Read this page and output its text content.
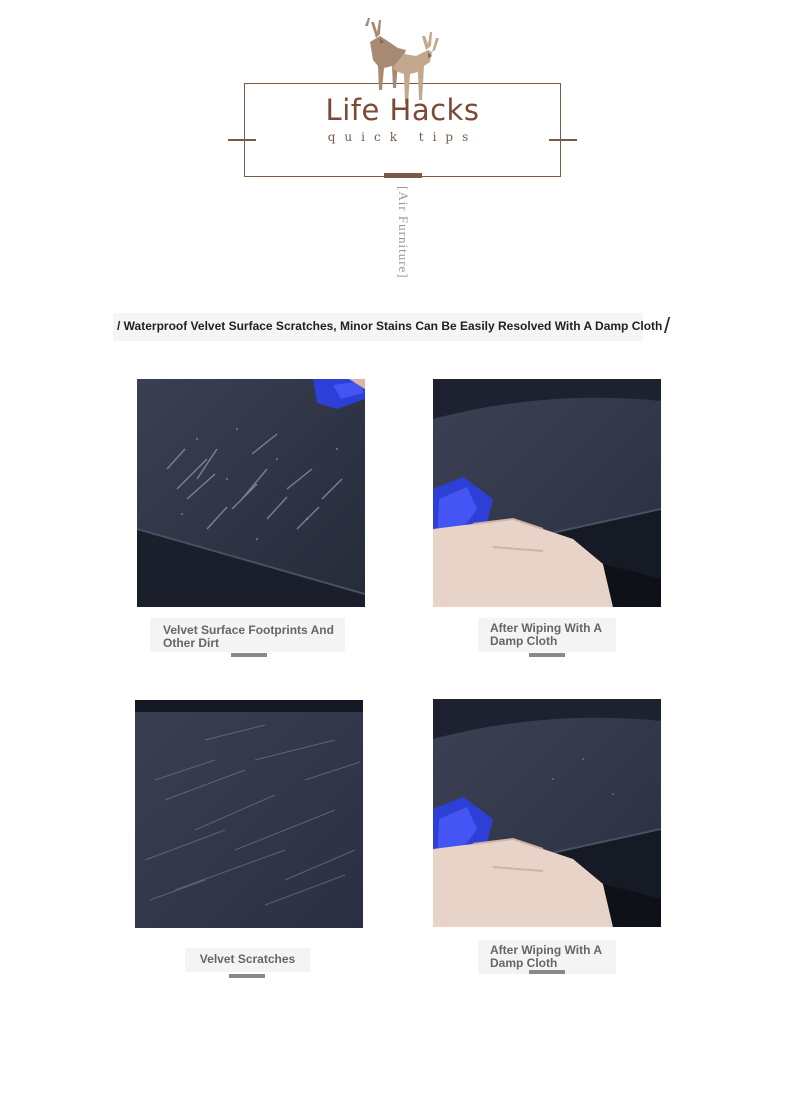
Life Hacks
quick tips
[Air Furniture]
/ Waterproof Velvet Surface Scratches, Minor Stains Can Be Easily Resolved With A Damp Cloth /
Velvet Surface Footprints And Other Dirt
After Wiping With A Damp Cloth
Velvet Scratches
After Wiping With A Damp Cloth
